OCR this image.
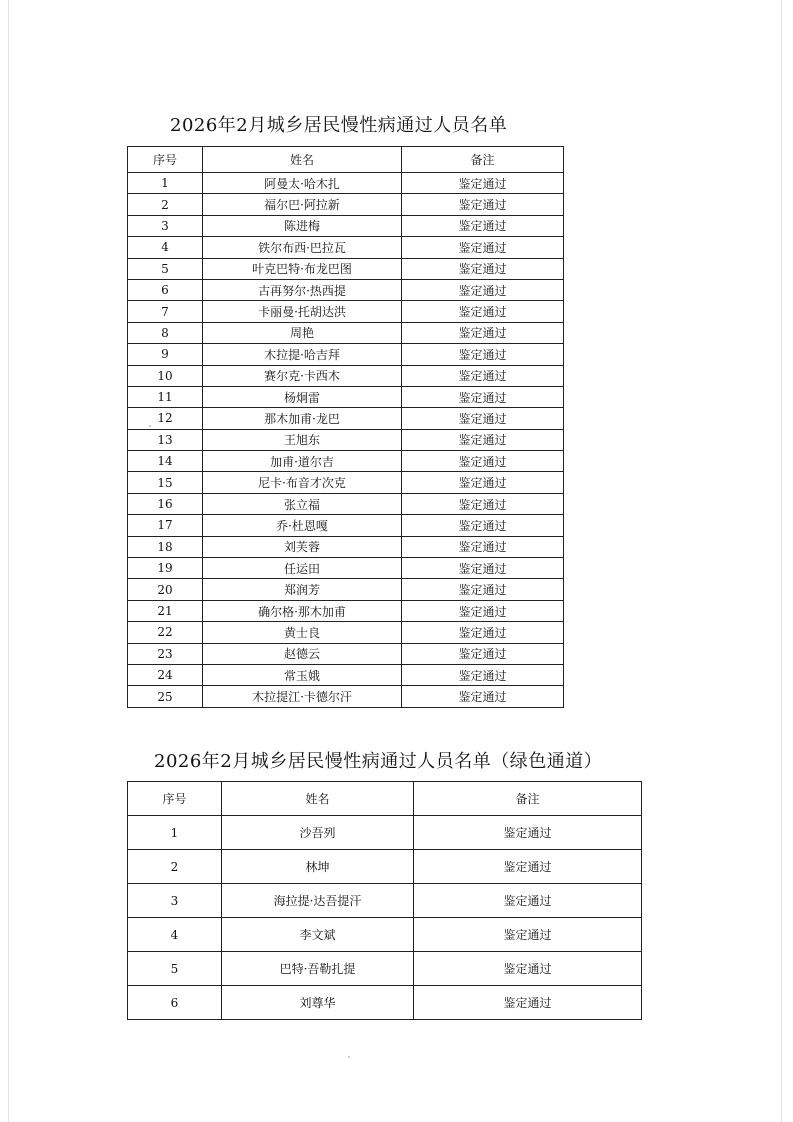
2026年2月城乡居民慢性病通过人员名单
序号	姓名	备注
1	阿曼太·哈木扎	鉴定通过
2	福尔巴·阿拉新	鉴定通过
3	陈进梅	鉴定通过
4	铁尔布西·巴拉瓦	鉴定通过
5	叶克巴特·布龙巴图	鉴定通过
6	古再努尔·热西提	鉴定通过
7	卡丽曼·托胡达洪	鉴定通过
8	周艳	鉴定通过
9	木拉提·哈吉拜	鉴定通过
10	赛尔克·卡西木	鉴定通过
11	杨炯雷	鉴定通过
12	那木加甫·龙巴	鉴定通过
13	王旭东	鉴定通过
14	加甫·道尔吉	鉴定通过
15	尼卡·布音才次克	鉴定通过
16	张立福	鉴定通过
17	乔·杜恩嘎	鉴定通过
18	刘芙蓉	鉴定通过
19	任运田	鉴定通过
20	郑润芳	鉴定通过
21	确尔格·那木加甫	鉴定通过
22	黄士良	鉴定通过
23	赵德云	鉴定通过
24	常玉娥	鉴定通过
25	木拉提江·卡德尔汗	鉴定通过
2026年2月城乡居民慢性病通过人员名单（绿色通道）
序号	姓名	备注
1	沙吾列	鉴定通过
2	林坤	鉴定通过
3	海拉提·达吾提汗	鉴定通过
4	李文斌	鉴定通过
5	巴特·吾勒扎提	鉴定通过
6	刘尊华	鉴定通过
